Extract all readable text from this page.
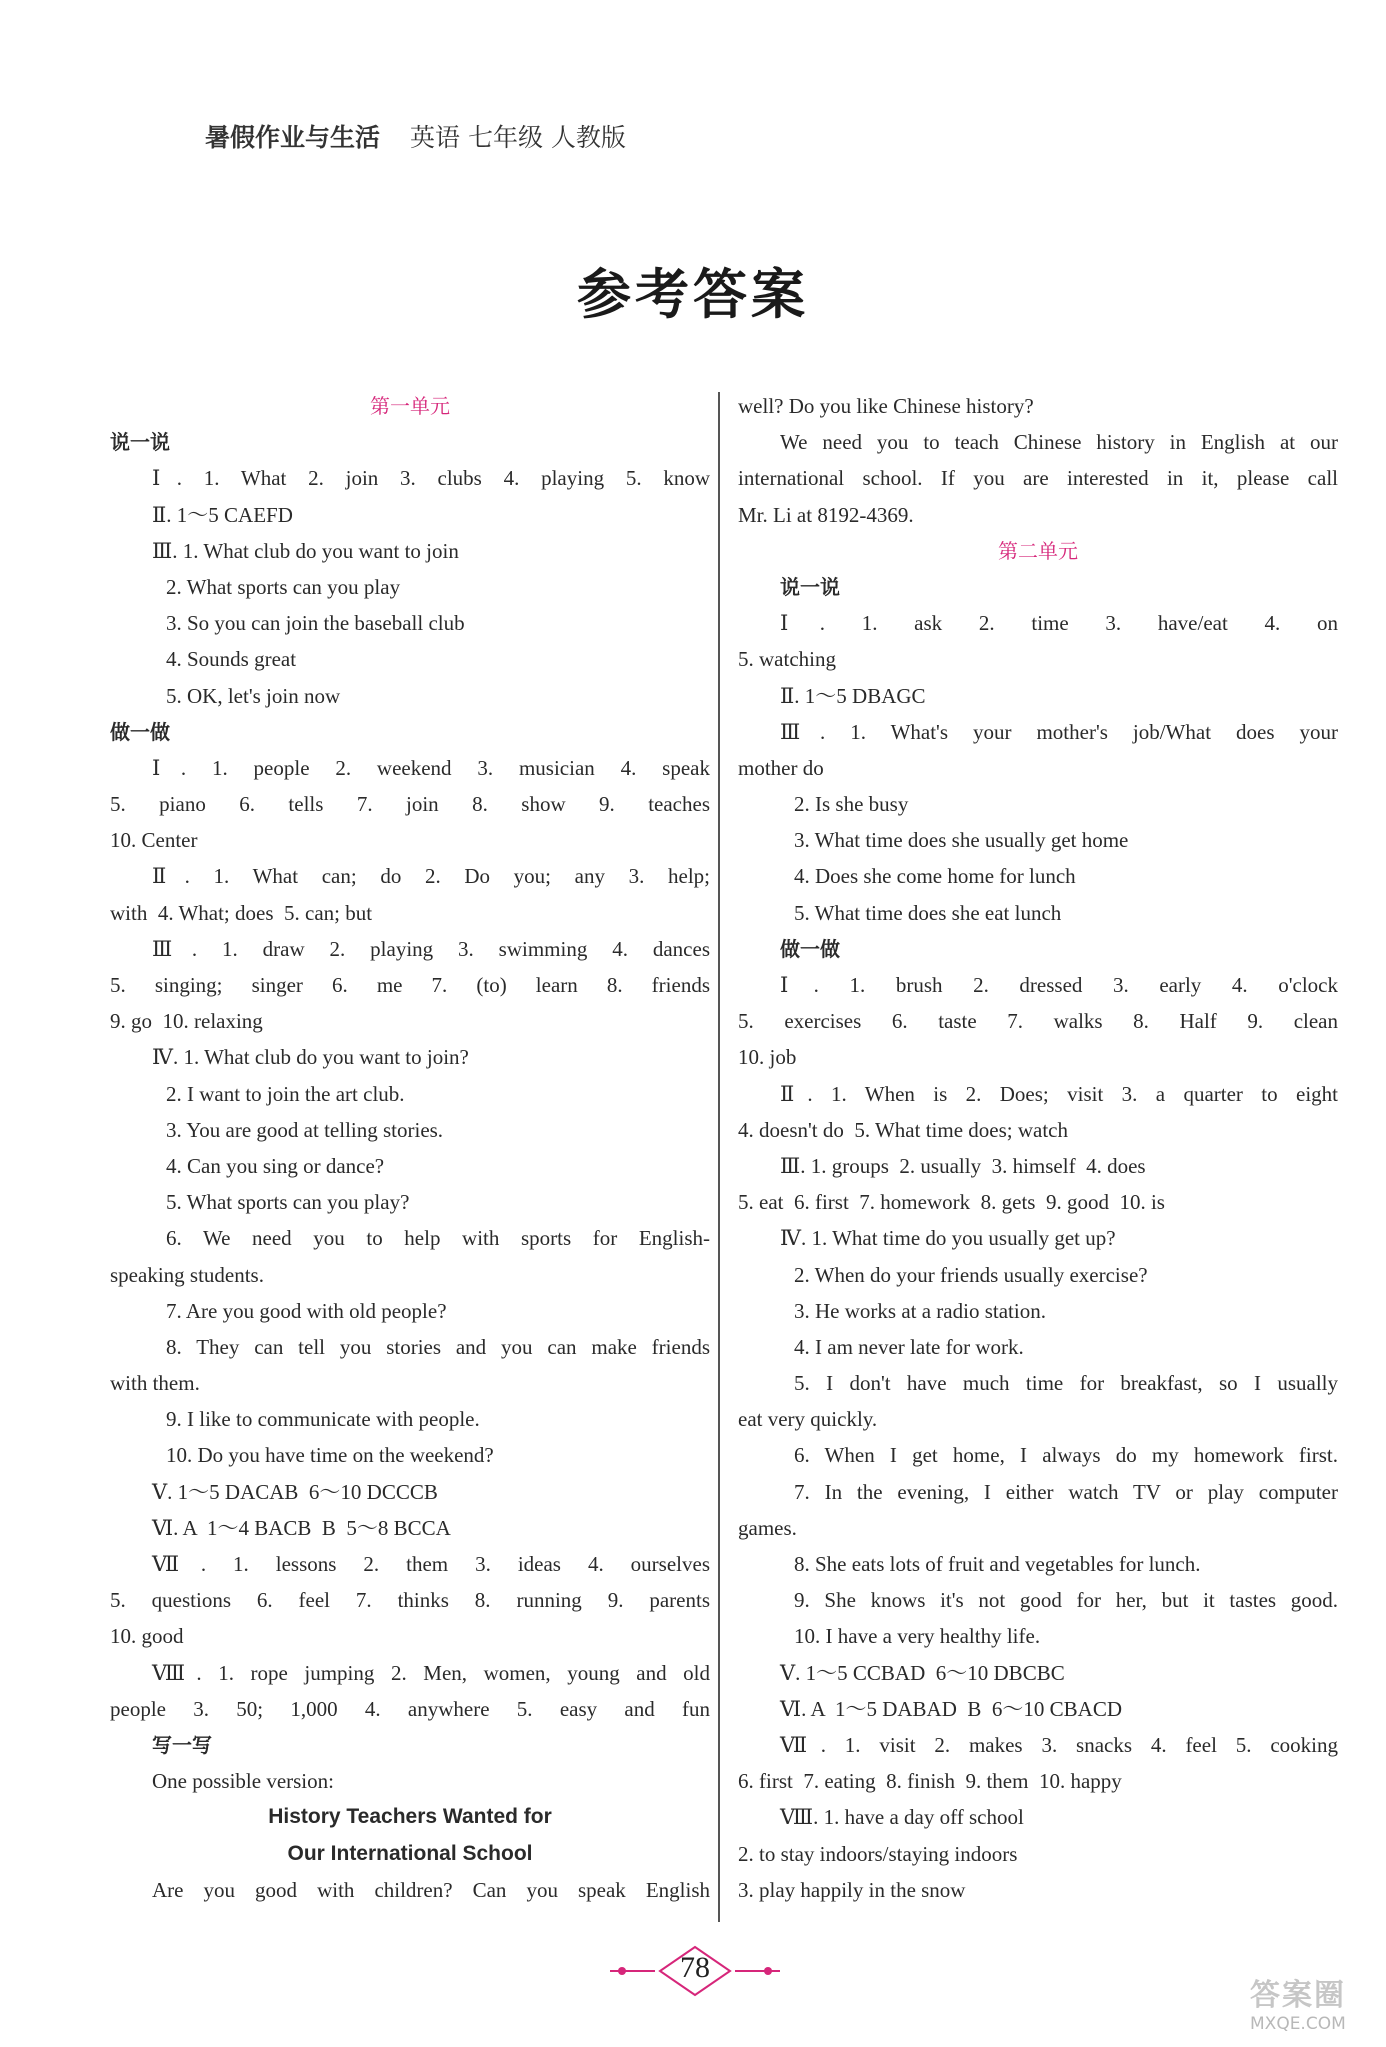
暑假作业与生活 英语 七年级 人教版
参考答案
第一单元
说一说
Ⅰ. 1. What 2. join 3. clubs 4. playing 5. know
Ⅱ. 1～5 CAEFD
Ⅲ. 1. What club do you want to join
2. What sports can you play
3. So you can join the baseball club
4. Sounds great
5. OK, let's join now
做一做
Ⅰ. 1. people 2. weekend 3. musician 4. speak
5. piano 6. tells 7. join 8. show 9. teaches
10. Center
Ⅱ. 1. What can; do 2. Do you; any 3. help;
with  4. What; does  5. can; but
Ⅲ. 1. draw 2. playing 3. swimming 4. dances
5. singing; singer 6. me 7. (to) learn 8. friends
9. go  10. relaxing
Ⅳ. 1. What club do you want to join?
2. I want to join the art club.
3. You are good at telling stories.
4. Can you sing or dance?
5. What sports can you play?
6. We need you to help with sports for English-
speaking students.
7. Are you good with old people?
8. They can tell you stories and you can make friends
with them.
9. I like to communicate with people.
10. Do you have time on the weekend?
Ⅴ. 1～5 DACAB  6～10 DCCCB
Ⅵ. A  1～4 BACB  B  5～8 BCCA
Ⅶ. 1. lessons 2. them 3. ideas 4. ourselves
5. questions 6. feel 7. thinks 8. running 9. parents
10. good
Ⅷ. 1. rope jumping 2. Men, women, young and old
people 3. 50; 1,000 4. anywhere 5. easy and fun
写一写
One possible version:
History Teachers Wanted for
Our International School
Are you good with children? Can you speak English
well? Do you like Chinese history?
We need you to teach Chinese history in English at our
international school. If you are interested in it, please call
Mr. Li at 8192-4369.
第二单元
说一说
Ⅰ. 1. ask 2. time 3. have/eat 4. on
5. watching
Ⅱ. 1～5 DBAGC
Ⅲ. 1. What's your mother's job/What does your
mother do
2. Is she busy
3. What time does she usually get home
4. Does she come home for lunch
5. What time does she eat lunch
做一做
Ⅰ. 1. brush 2. dressed 3. early 4. o'clock
5. exercises 6. taste 7. walks 8. Half 9. clean
10. job
Ⅱ. 1. When is 2. Does; visit 3. a quarter to eight
4. doesn't do  5. What time does; watch
Ⅲ. 1. groups  2. usually  3. himself  4. does
5. eat  6. first  7. homework  8. gets  9. good  10. is
Ⅳ. 1. What time do you usually get up?
2. When do your friends usually exercise?
3. He works at a radio station.
4. I am never late for work.
5. I don't have much time for breakfast, so I usually
eat very quickly.
6. When I get home, I always do my homework first.
7. In the evening, I either watch TV or play computer
games.
8. She eats lots of fruit and vegetables for lunch.
9. She knows it's not good for her, but it tastes good.
10. I have a very healthy life.
Ⅴ. 1～5 CCBAD  6～10 DBCBC
Ⅵ. A  1～5 DABAD  B  6～10 CBACD
Ⅶ. 1. visit 2. makes 3. snacks 4. feel 5. cooking
6. first  7. eating  8. finish  9. them  10. happy
Ⅷ. 1. have a day off school
2. to stay indoors/staying indoors
3. play happily in the snow
78
答案圈
MXQE.COM
